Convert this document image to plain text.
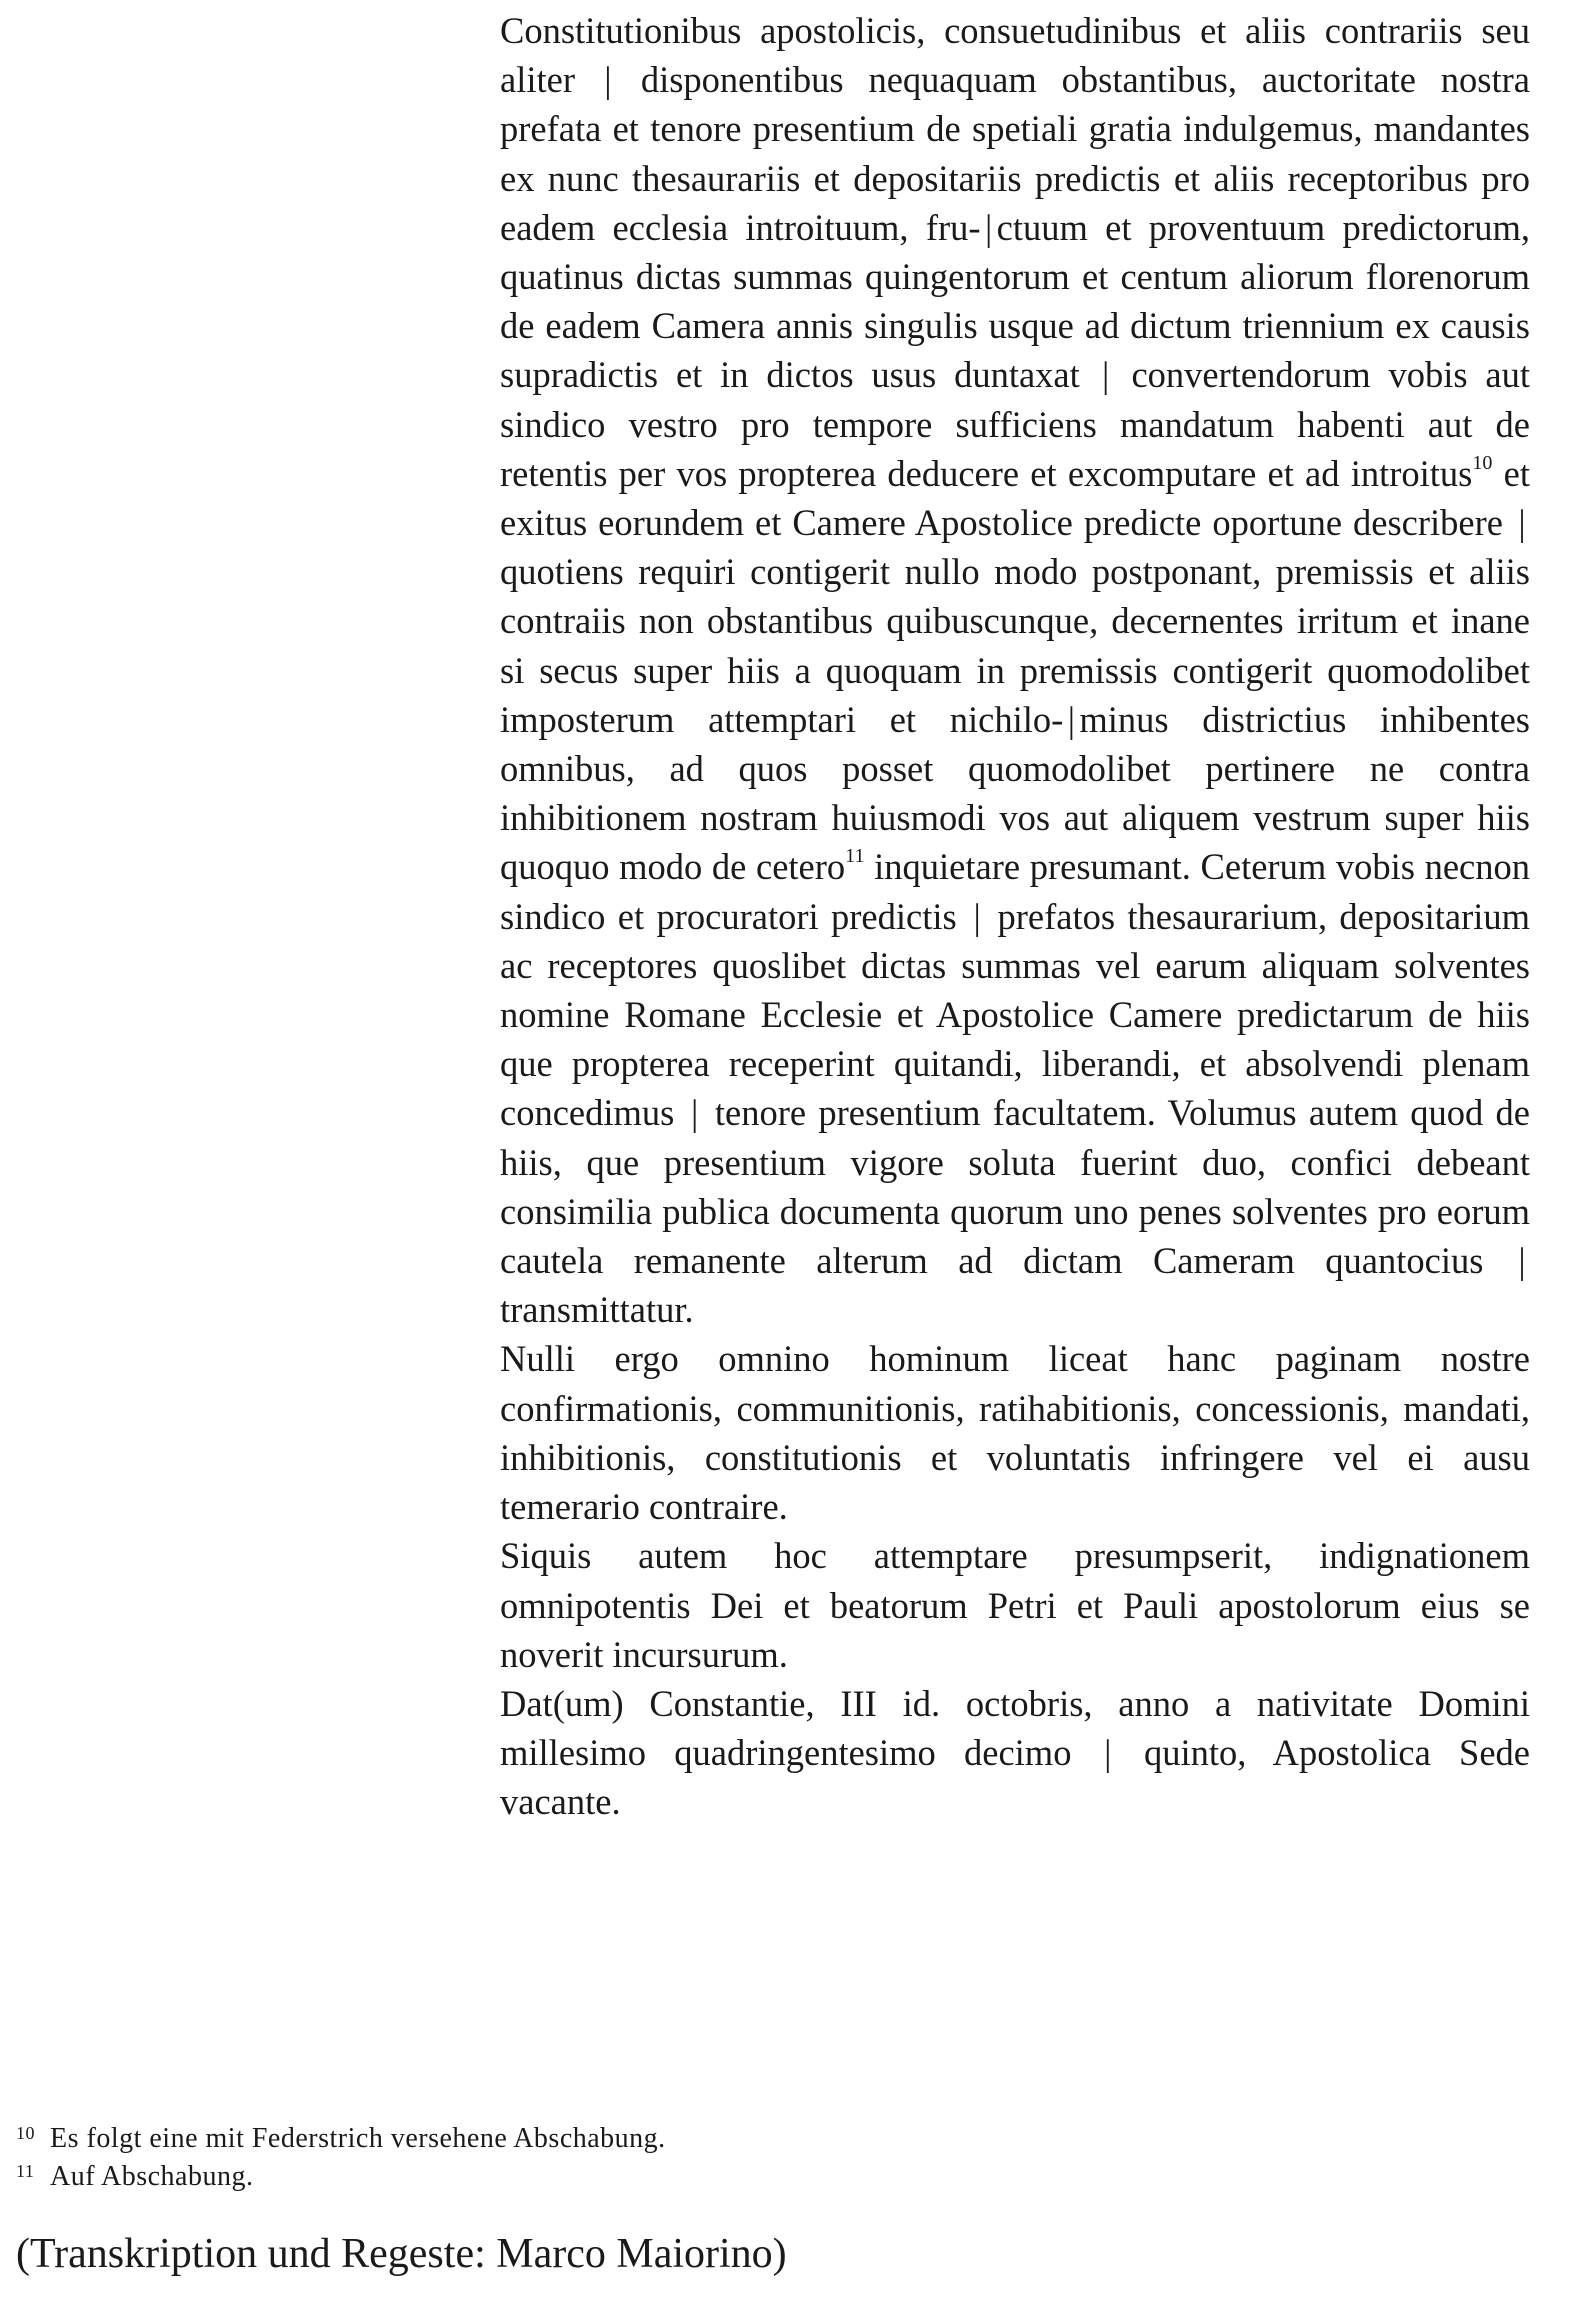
Constitutionibus apostolicis, consuetudinibus et aliis contrariis seu aliter | disponentibus nequaquam obstantibus, auctoritate nostra prefata et tenore presentium de spetiali gratia indulgemus, mandantes ex nunc thesaurariis et depositariis predictis et aliis receptoribus pro eadem ecclesia introituum, fru- | ctuum et proventuum predictorum, quatinus dictas summas quingentorum et centum aliorum florenorum de eadem Camera annis singulis usque ad dictum triennium ex causis supradictis et in dictos usus duntaxat | convertendorum vobis aut sindico vestro pro tempore sufficiens mandatum habenti aut de retentis per vos propterea deducere et excomputare et ad introitus$^{10}$ et exitus eorundem et Camere Apostolice predicte oportune describere | quotiens requiri contigerit nullo modo postponant, premissis et aliis contraiis non obstantibus quibuscunque, decernentes irritum et inane si secus super hiis a quoquam in premissis contigerit quomodolibet imposterum attemptari et nichilo- | minus districtius inhibentes omnibus, ad quos posset quomodolibet pertinere ne contra inhibitionem nostram huiusmodi vos aut aliquem vestrum super hiis quoquo modo de cetero$^{11}$ inquietare presumant. Ceterum vobis necnon sindico et procuratori predictis | prefatos thesaurarium, depositarium ac receptores quoslibet dictas summas vel earum aliquam solventes nomine Romane Ecclesie et Apostolice Camere predictarum de hiis que propterea receperint quitandi, liberandi, et absolvendi plenam concedimus | tenore presentium facultatem. Volumus autem quod de hiis, que presentium vigore soluta fuerint duo, confici debeant consimilia publica documenta quorum uno penes solventes pro eorum cautela remanente alterum ad dictam Cameram quantocius | transmittatur.

Nulli ergo omnino hominum liceat hanc paginam nostre confirmationis, communitionis, ratihabitionis, concessionis, mandati, inhibitionis, constitutionis et voluntatis infringere vel ei ausu temerario contraire.

Siquis autem hoc attemptare presumpserit, indignationem omnipotentis Dei et beatorum Petri et Pauli apostolorum eius se noverit incursurum.

Dat(um) Constantie, III id. octobris, anno a nativitate Domini millesimo quadringentesimo decimo | quinto, Apostolica Sede vacante.

10 Es folgt eine mit Federstrich versehene Abschabung.
11 Auf Abschabung.
(Transkription und Regeste: Marco Maiorino)
